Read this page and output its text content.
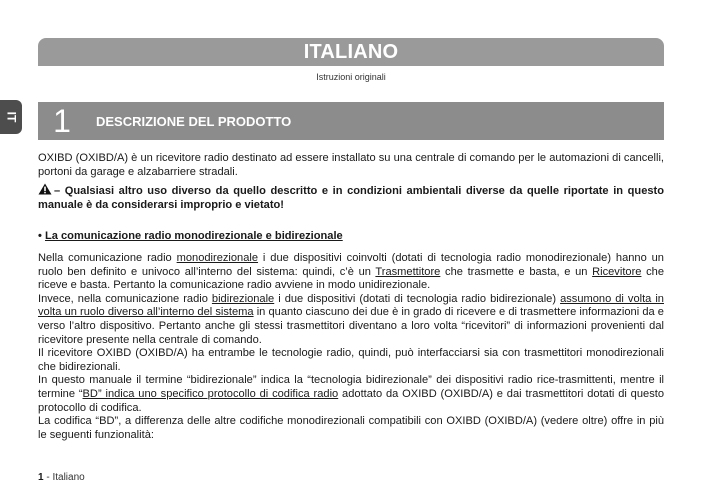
ITALIANO
Istruzioni originali
IT	1	DESCRIZIONE DEL PRODOTTO

OXIBD (OXIBD/A) è un ricevitore radio destinato ad essere installato su una centrale di comando per le automazioni di cancelli, portoni da garage e alzabarriere stradali.

– Qualsiasi altro uso diverso da quello descritto e in condizioni ambientali diverse da quelle riportate in questo manuale è da considerarsi improprio e vietato!

• La comunicazione radio monodirezionale e bidirezionale

Nella comunicazione radio monodirezionale i due dispositivi coinvolti (dotati di tecnologia radio monodirezionale) hanno un ruolo ben definito e univoco all’interno del sistema: quindi, c’è un Trasmettitore che trasmette e basta, e un Ricevitore che riceve e basta. Pertanto la comunicazione radio avviene in modo unidirezionale.

Invece, nella comunicazione radio bidirezionale i due dispositivi (dotati di tecnologia radio bidirezionale) assumono di volta in volta un ruolo diverso all’interno del sistema in quanto ciascuno dei due è in grado di ricevere e di trasmettere informazioni da e verso l’altro dispositivo. Pertanto anche gli stessi trasmettitori diventano a loro volta “ricevitori” di informazioni provenienti dal ricevitore presente nella centrale di comando.

Il ricevitore OXIBD (OXIBD/A) ha entrambe le tecnologie radio, quindi, può interfacciarsi sia con trasmettitori monodirezionali che bidirezionali.

In questo manuale il termine “bidirezionale” indica la “tecnologia bidirezionale” dei dispositivi radio rice-trasmittenti, mentre il termine “BD” indica uno specifico protocollo di codifica radio adottato da OXIBD (OXIBD/A) e dai trasmettitori dotati di questo protocollo di codifica.

La codifica “BD”, a differenza delle altre codifiche monodirezionali compatibili con OXIBD (OXIBD/A) (vedere oltre) offre in più le seguenti funzionalità:

1 - Italiano
